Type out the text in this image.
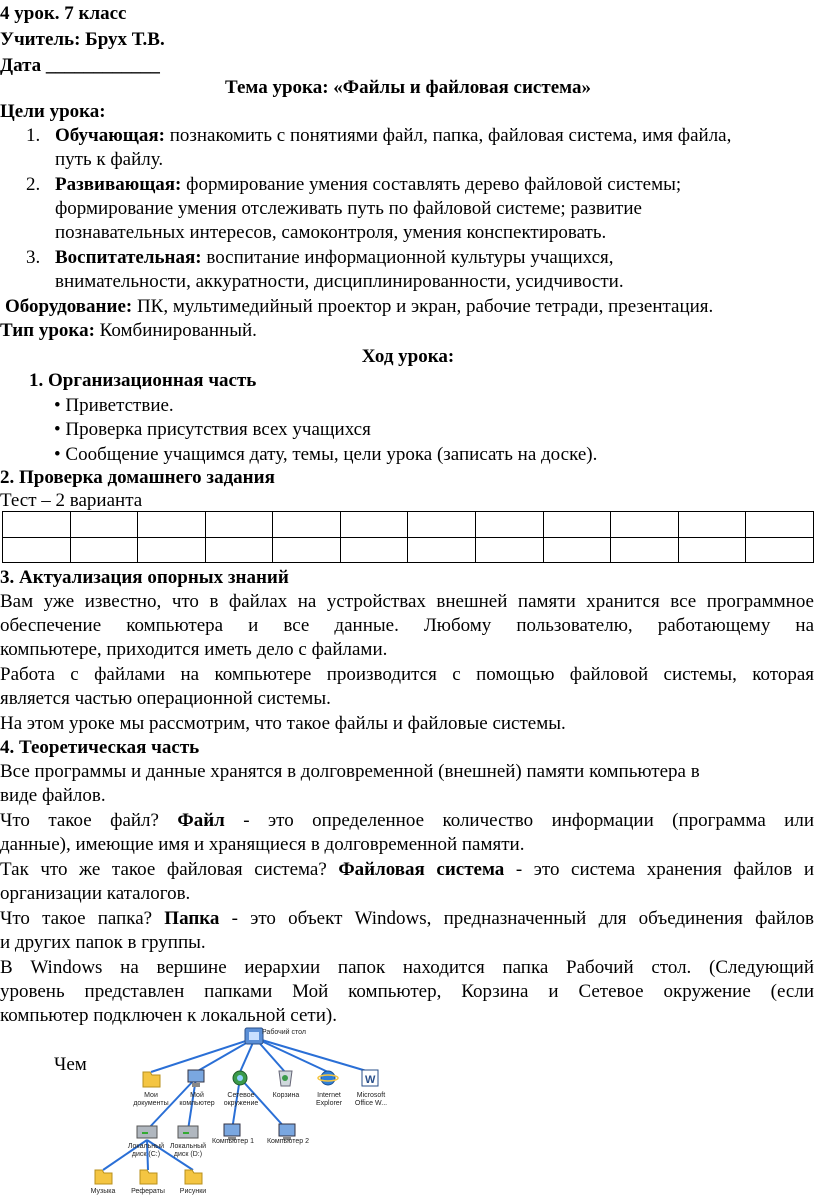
4 урок. 7 класс
Учитель: Брух Т.В.
Дата ____________
Тема урока: «Файлы и файловая система»
Цели урока:
1. Обучающая: познакомить с понятиями файл, папка, файловая система, имя файла,
путь к файлу.
2. Развивающая: формирование умения составлять дерево файловой системы;
формирование умения отслеживать путь по файловой системе; развитие
познавательных интересов, самоконтроля, умения конспектировать.
3. Воспитательная: воспитание информационной культуры учащихся,
внимательности, аккуратности, дисциплинированности, усидчивости.
Оборудование: ПК, мультимедийный проектор и экран, рабочие тетради, презентация.
Тип урока: Комбинированный.
Ход урока:
1. Организационная часть
• Приветствие.
• Проверка присутствия всех учащихся
• Сообщение учащимся дату, темы, цели урока (записать на доске).
2. Проверка домашнего задания
Тест – 2 варианта

3. Актуализация опорных знаний
Вам уже известно, что в файлах на устройствах внешней памяти хранится все программное
обеспечение компьютера и все данные. Любому пользователю, работающему на
компьютере, приходится иметь дело с файлами.
Работа с файлами на компьютере производится с помощью файловой системы, которая
является частью операционной системы.
На этом уроке мы рассмотрим, что такое файлы и файловые системы.
4. Теоретическая часть
Все программы и данные хранятся в долговременной (внешней) памяти компьютера в
виде файлов.
Что такое файл? Файл - это определенное количество информации (программа или
данные), имеющие имя и хранящиеся в долговременной памяти.
Так что же такое файловая система? Файловая система - это система хранения файлов и
организации каталогов.
Что такое папка? Папка - это объект Windows, предназначенный для объединения файлов
и других папок в группы.
В Windows на вершине иерархии папок находится папка Рабочий стол. (Следующий
уровень представлен папками Мой компьютер, Корзина и Сетевое окружение (если
компьютер подключен к локальной сети).
Чем
W
Рабочий стол
Мои документы
Мой компьютер
Сетевое окружение
Корзина	Internet Explorer
Microsoft Office W...
Локальный диск (C:)
Локальный диск (D:)
Компьютер 1	Компьютер 2
Музыка	Рефераты	Рисунки
